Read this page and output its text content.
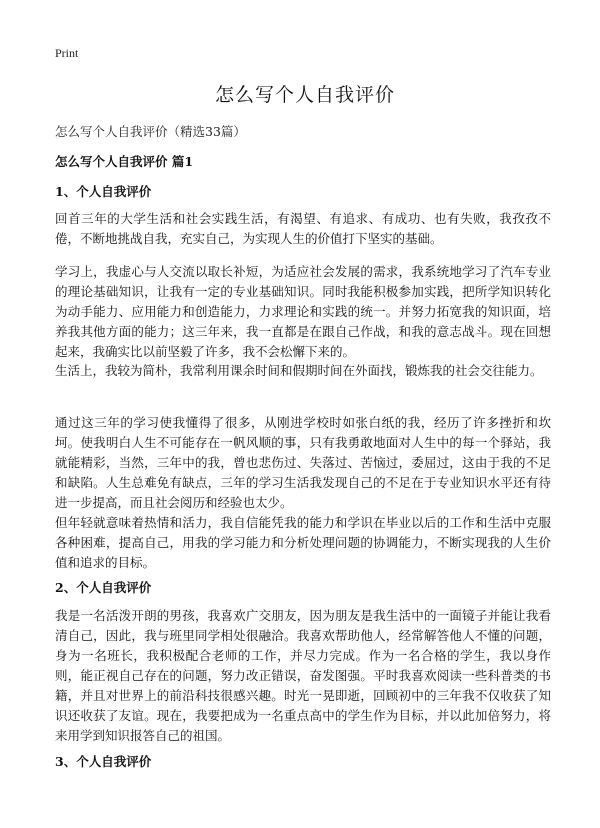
Print
怎么写个人自我评价
怎么写个人自我评价（精选33篇）
怎么写个人自我评价 篇1
1、个人自我评价
回首三年的大学生活和社会实践生活，有渴望、有追求、有成功、也有失败，我孜孜不倦，不断地挑战自我，充实自己，为实现人生的价值打下坚实的基础。
学习上，我虚心与人交流以取长补短，为适应社会发展的需求，我系统地学习了汽车专业的理论基础知识，让我有一定的专业基础知识。同时我能积极参加实践，把所学知识转化为动手能力、应用能力和创造能力，力求理论和实践的统一。并努力拓宽我的知识面，培养我其他方面的能力；这三年来，我一直都是在跟自己作战，和我的意志战斗。现在回想起来，我确实比以前坚毅了许多，我不会松懈下来的。
生活上，我较为简朴，我常利用课余时间和假期时间在外面找，锻炼我的社会交往能力。
通过这三年的学习使我懂得了很多，从刚进学校时如张白纸的我，经历了许多挫折和坎坷。使我明白人生不可能存在一帆风顺的事，只有我勇敢地面对人生中的每一个驿站，我就能精彩，当然，三年中的我，曾也悲伤过、失落过、苦恼过，委屈过，这由于我的不足和缺陷。人生总难免有缺点，三年的学习生活我发现自己的不足在于专业知识水平还有待进一步提高，而且社会阅历和经验也太少。
但年轻就意味着热情和活力，我自信能凭我的能力和学识在毕业以后的工作和生活中克服各种困难，提高自己，用我的学习能力和分析处理问题的协调能力，不断实现我的人生价值和追求的目标。
2、个人自我评价
我是一名活泼开朗的男孩，我喜欢广交朋友，因为朋友是我生活中的一面镜子并能让我看清自己，因此，我与班里同学相处很融洽。我喜欢帮助他人，经常解答他人不懂的问题，身为一名班长，我积极配合老师的工作，并尽力完成。作为一名合格的学生，我以身作则，能正视自己存在的问题，努力改正错误，奋发图强。平时我喜欢阅读一些科普类的书籍，并且对世界上的前沿科技很感兴趣。时光一晃即逝，回顾初中的三年我不仅收获了知识还收获了友谊。现在，我要把成为一名重点高中的学生作为目标，并以此加倍努力，将来用学到知识报答自己的祖国。
3、个人自我评价
